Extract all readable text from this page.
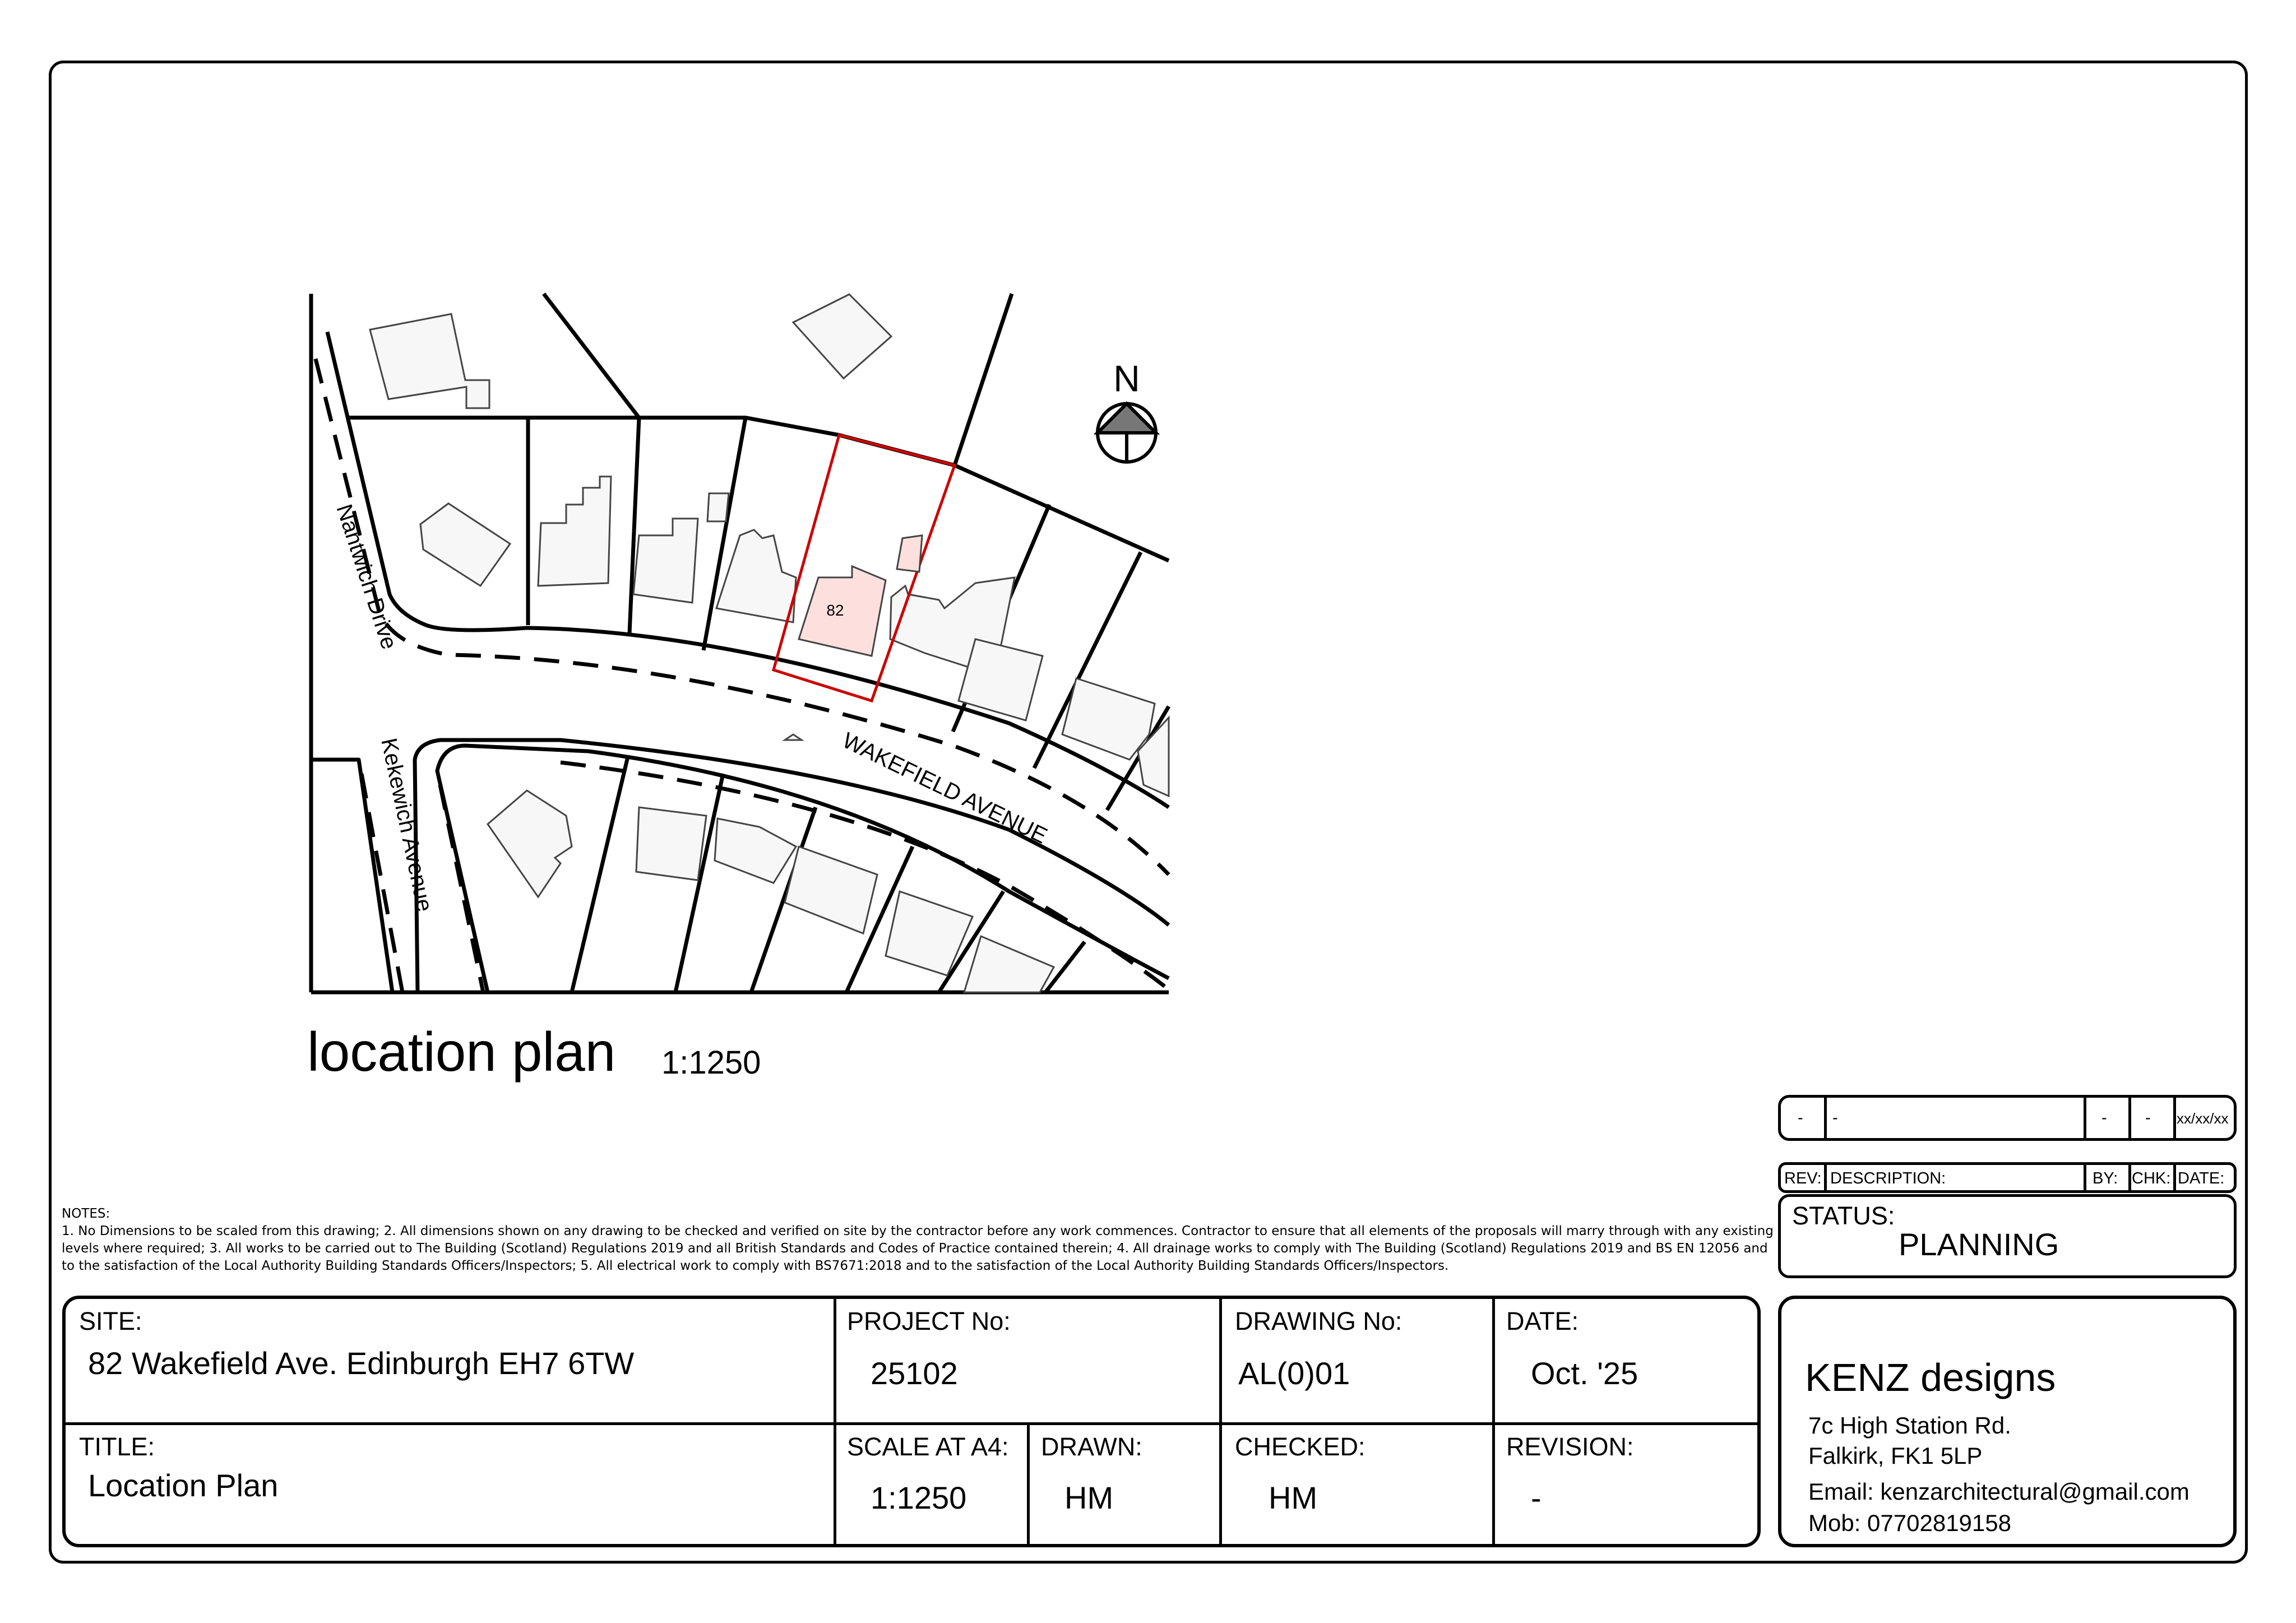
82
Nantwich Drive
Kekewich Avenue	WAKEFIELD AVENUE
N
location plan 1:1250
- -	- - xx/xx/xx
REV: DESCRIPTION:	BY: CHK: DATE:
STATUS:
PLANNING

NOTES:

1. No Dimensions to be scaled from this drawing; 2. All dimensions shown on any drawing to be checked and verified on site by the contractor before any work commences. Contractor to ensure that all elements of the proposals will marry through with any existing levels where required; 3. All works to be carried out to The Building (Scotland) Regulations 2019 and all British Standards and Codes of Practice contained therein; 4. All drainage works to comply with The Building (Scotland) Regulations 2019 and BS EN 12056 and to the satisfaction of the Local Authority Building Standards Officers/Inspectors; 5. All electrical work to comply with BS7671:2018 and to the satisfaction of the Local Authority Building Standards Officers/Inspectors.

SITE:
82 Wakefield Ave. Edinburgh EH7 6TW
PROJECT No:
25102
DRAWING No:
AL(0)01
DATE:
Oct. '25
TITLE:
Location Plan
SCALE AT A4:
1:1250
DRAWN:
HM
CHECKED:
HM
REVISION:
-
KENZ designs
7c High Station Rd.
Falkirk, FK1 5LP
Email: kenzarchitectural@gmail.com
Mob: 07702819158
